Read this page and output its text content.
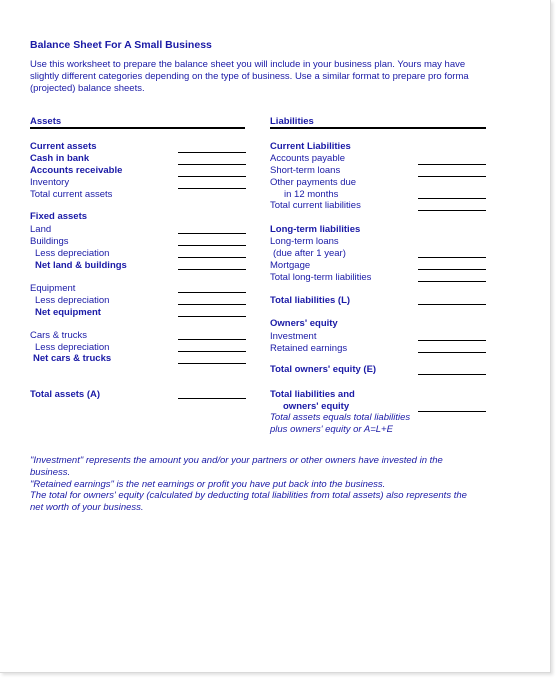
Balance Sheet For A Small Business
Use this worksheet to prepare the balance sheet you will include in your business plan. Yours may have slightly different categories depending on the type of business. Use a similar format to prepare pro forma (projected) balance sheets.
Assets
Current assets
Cash in bank
Accounts receivable
Inventory
Total current assets
Fixed assets
Land
Buildings
Less depreciation
Net land & buildings
Equipment
Less depreciation
Net equipment
Cars & trucks
Less depreciation
Net cars & trucks
Total assets (A)
Liabilities
Current Liabilities
Accounts payable
Short-term loans
Other payments due
in 12 months
Total current liabilities
Long-term liabilities
Long-term loans
(due after 1 year)
Mortgage
Total long-term liabilities
Total liabilities (L)
Owners' equity
Investment
Retained earnings
Total owners' equity (E)
Total liabilities and
owners' equity
Total assets equals total liabilities
plus owners' equity or A=L+E

"Investment" represents the amount you and/or your partners or other owners have invested in the business.

"Retained earnings" is the net earnings or profit you have put back into the business.

The total for owners' equity (calculated by deducting total liabilities from total assets) also represents the net worth of your business.
